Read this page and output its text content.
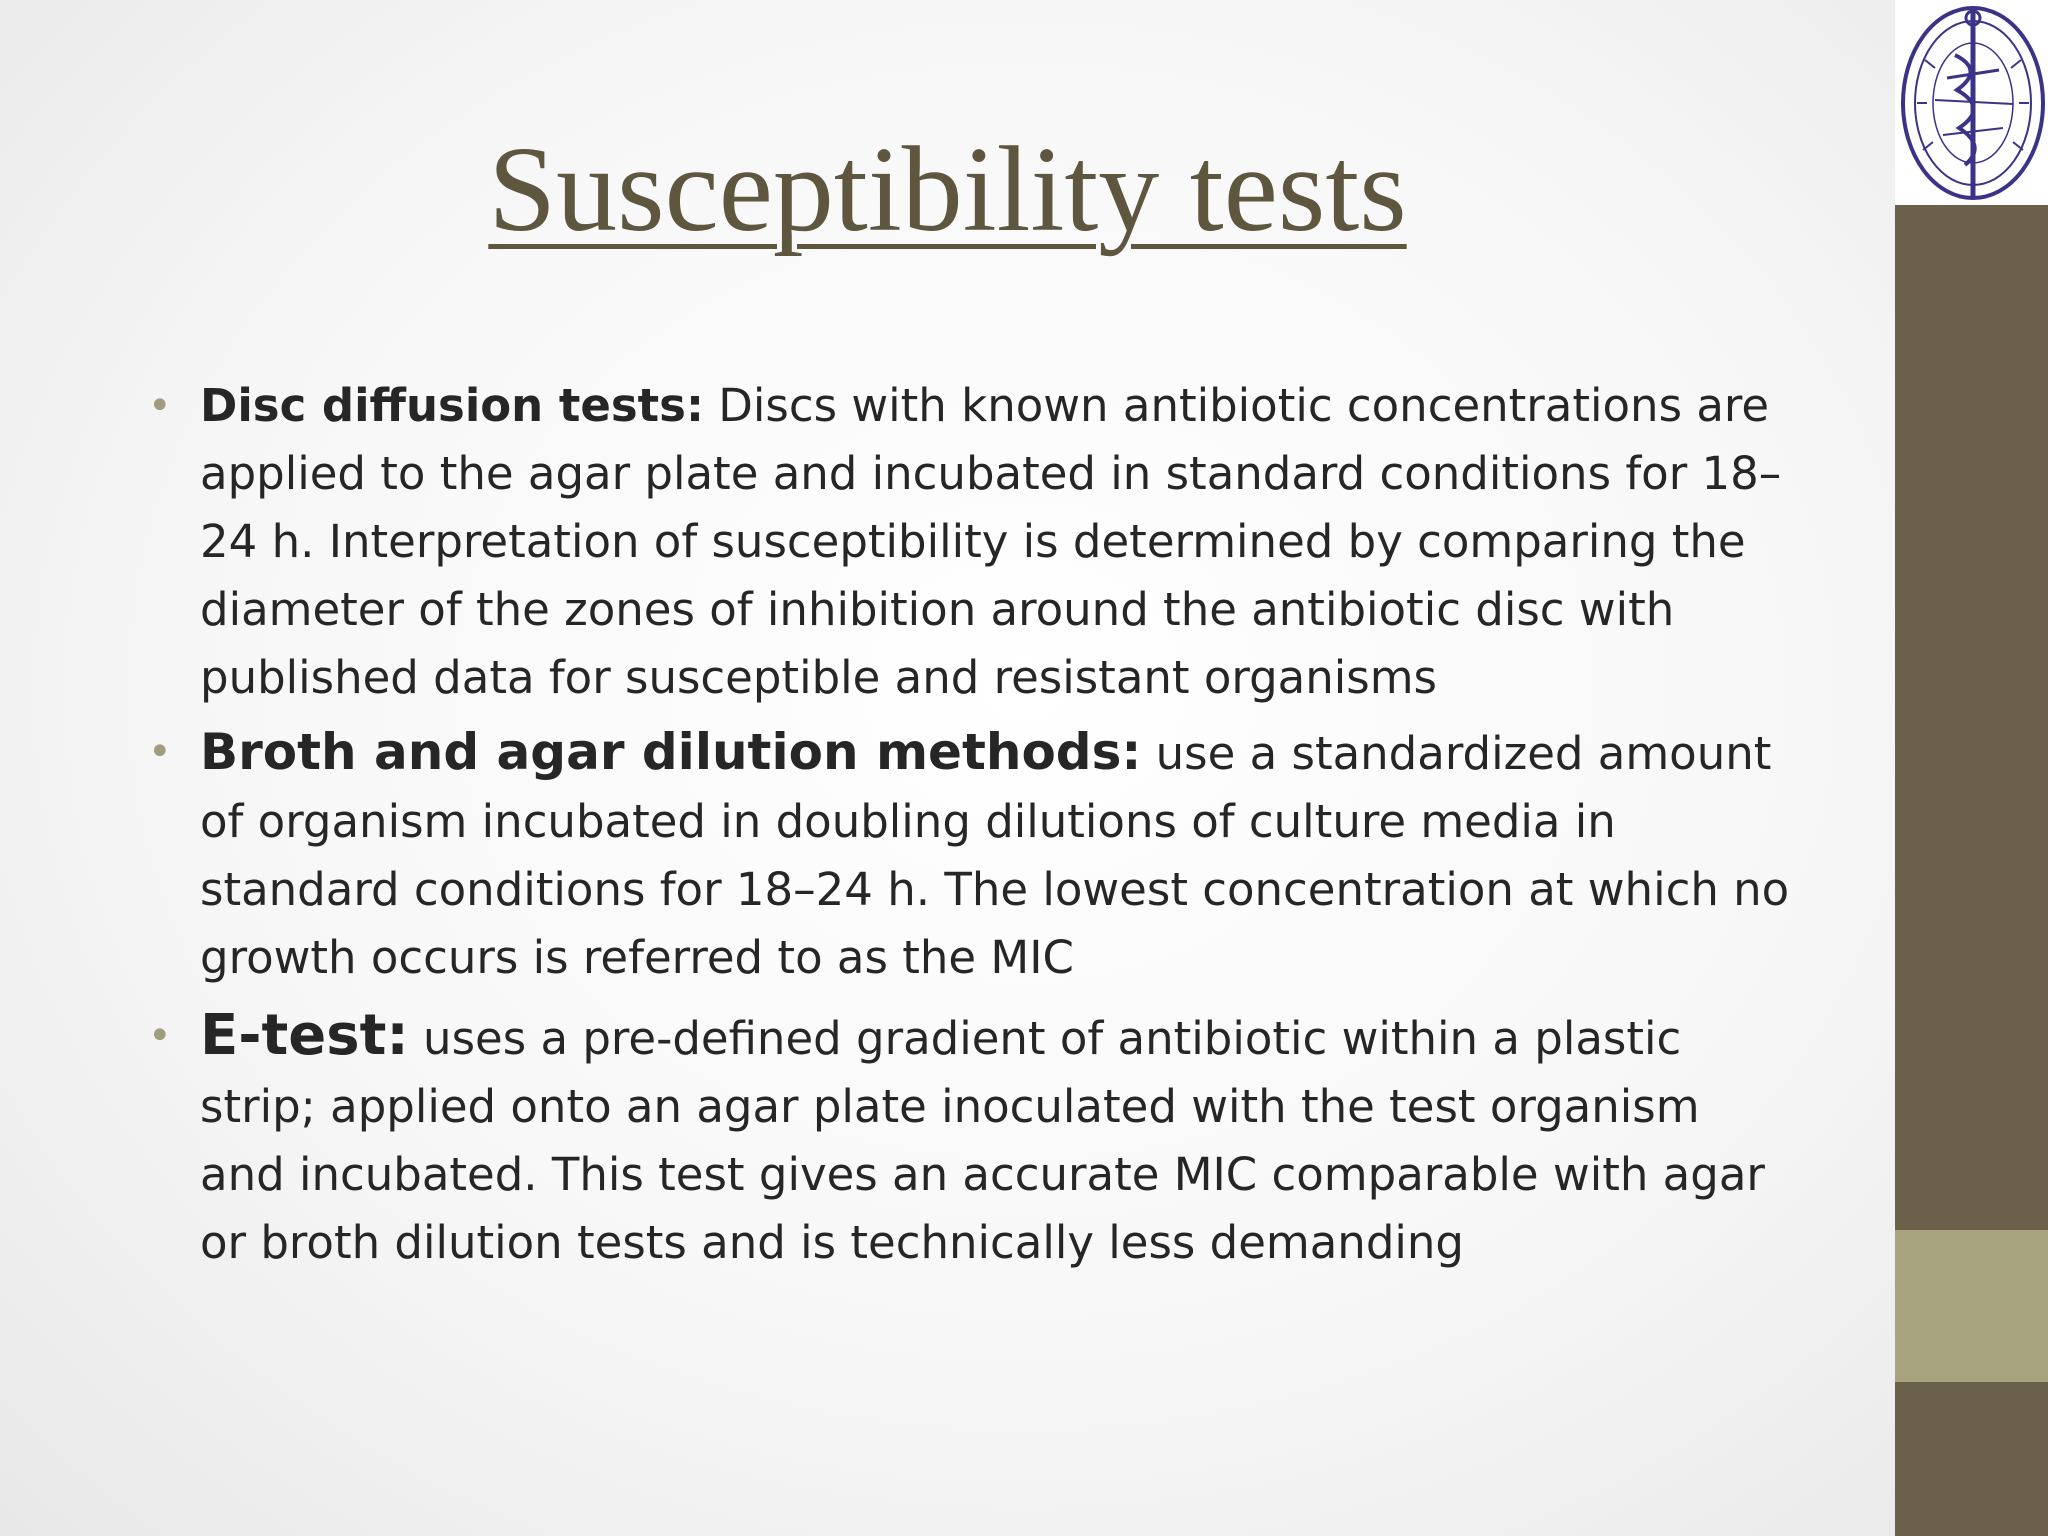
Susceptibility tests
• Disc diffusion tests: Discs with known antibiotic concentrations are applied to the agar plate and incubated in standard conditions for 18–24 h. Interpretation of susceptibility is determined by comparing the diameter of the zones of inhibition around the antibiotic disc with published data for susceptible and resistant organisms
• Broth and agar dilution methods: use a standardized amount of organism incubated in doubling dilutions of culture media in standard conditions for 18–24 h. The lowest concentration at which no growth occurs is referred to as the MIC
• E-test: uses a pre-defined gradient of antibiotic within a plastic strip; applied onto an agar plate inoculated with the test organism and incubated. This test gives an accurate MIC comparable with agar or broth dilution tests and is technically less demanding
